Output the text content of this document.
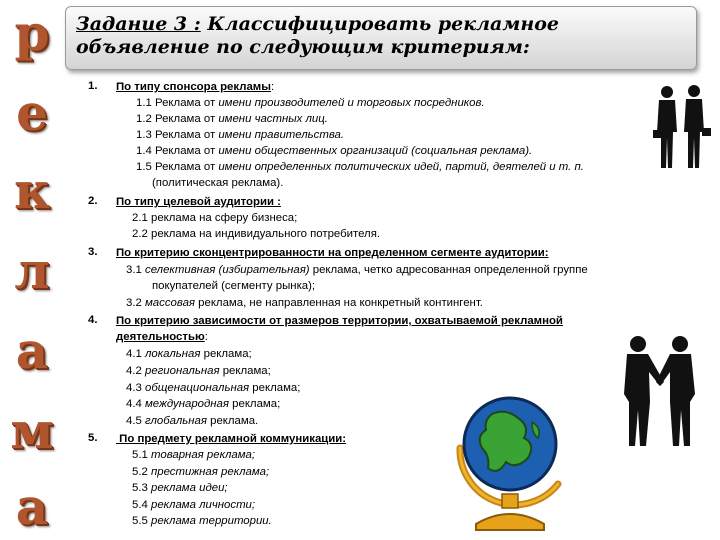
р
е
к
л
а
м
а
Задание 3 : Классифицировать рекламное объявление по следующим критериям:
1. По типу спонсора рекламы:
1.1 Реклама от имени производителей и торговых посредников.
1.2 Реклама от имени частных лиц.
1.3 Реклама от имени правительства.
1.4 Реклама от имени общественных организаций (социальная реклама).
1.5 Реклама от имени определенных политических идей, партий, деятелей и т. п.
(политическая реклама).
2. По типу целевой аудитории :
2.1 реклама на сферу бизнеса;
2.2 реклама на индивидуального потребителя.
3. По критерию сконцентрированности на определенном сегменте аудитории:
3.1 селективная (избирательная) реклама, четко адресованная определенной группе
покупателей (сегменту рынка);
3.2 массовая реклама, не направленная на конкретный контингент.
4. По критерию зависимости от размеров территории, охватываемой рекламной
деятельностью:
4.1 локальная реклама;
4.2 региональная реклама;
4.3 общенациональная реклама;
4.4 международная реклама;
4.5 глобальная реклама.
5. По предмету рекламной коммуникации:
5.1 товарная реклама;
5.2 престижная реклама;
5.3 реклама идеи;
5.4 реклама личности;
5.5 реклама территории.
